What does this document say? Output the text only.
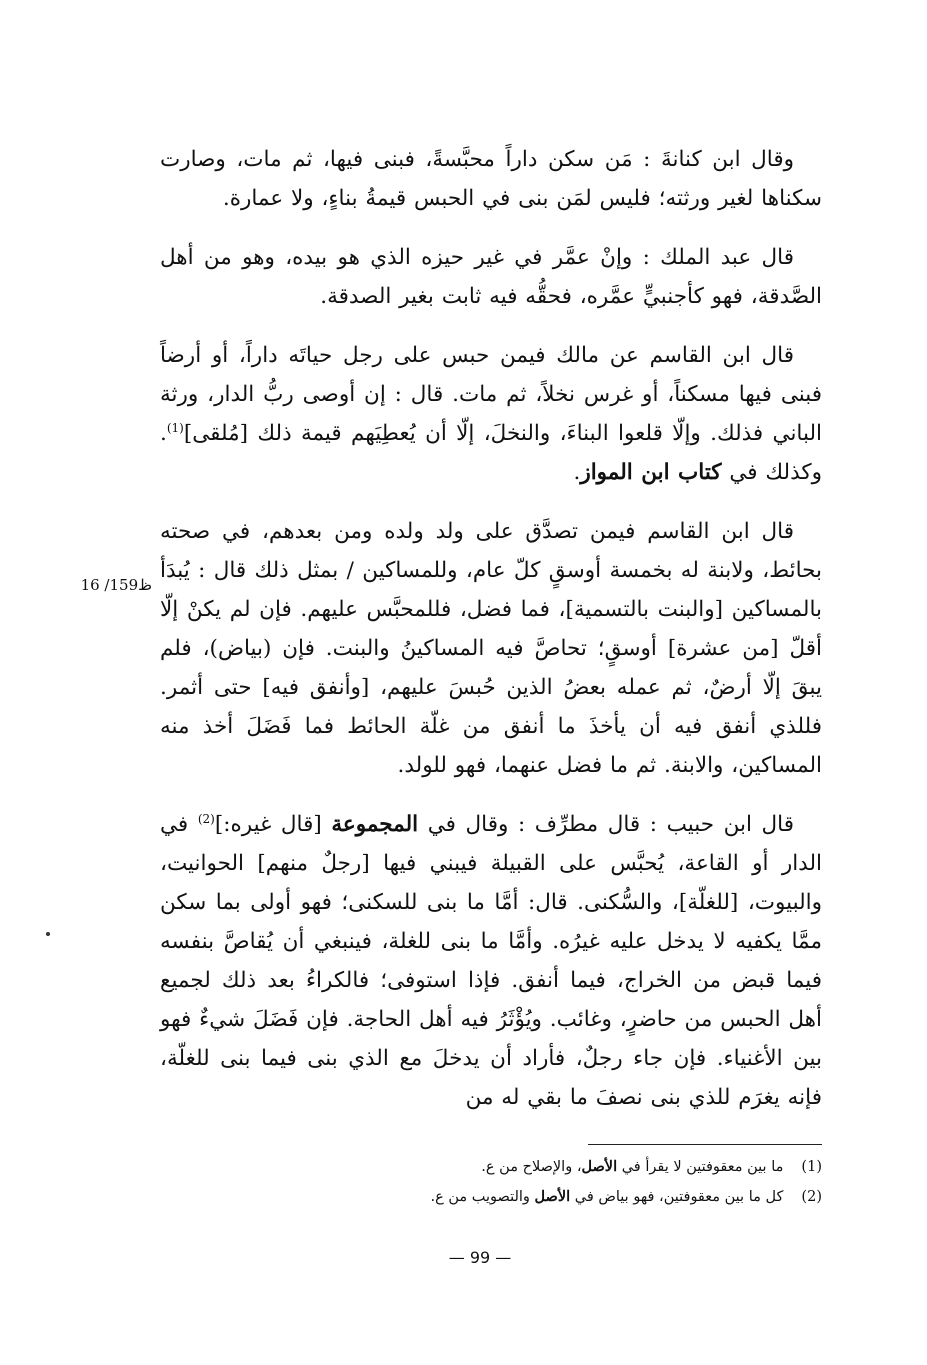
وقال ابن كنانةَ : مَن سكن داراً محبَّسةً، فبنى فيها، ثم مات، وصارت سكناها لغير ورثته؛ فليس لمَن بنى في الحبس قيمةُ بناءٍ، ولا عمارة.

قال عبد الملك : وإنْ عمَّر في غير حيزه الذي هو بيده، وهو من أهل الصَّدقة، فهو كأجنبيٍّ عمَّره، فحقُّه فيه ثابت بغير الصدقة.

قال ابن القاسم عن مالك فيمن حبس على رجل حياتَه داراً، أو أرضاً فبنى فيها مسكناً، أو غرس نخلاً، ثم مات. قال : إن أوصى ربُّ الدار، ورثة الباني فذلك. وإلّا قلعوا البناءَ، والنخلَ، إلّا أن يُعطِيَهم قيمة ذلك [مُلقى]$^{(1)}$. وكذلك في كتاب ابن المواز.

قال ابن القاسم فيمن تصدَّق على ولد ولده ومن بعدهم، في صحته بحائط، ولابنة له بخمسة أوسقٍ كلّ عام، وللمساكين / بمثل ذلك قال : يُبدَأ بالمساكين [والبنت بالتسمية]، فما فضل، فللمحبَّس عليهم. فإن لم يكنْ إلّا أقلّ [من عشرة] أوسقٍ؛ تحاصَّ فيه المساكينُ والبنت. فإن (بياض)، فلم يبقَ إلّا أرضٌ، ثم عمله بعضُ الذين حُبسَ عليهم، [وأنفق فيه] حتى أثمر. فللذي أنفق فيه أن يأخذَ ما أنفق من غلّة الحائط فما فَضَلَ أخذ منه المساكين، والابنة. ثم ما فضل عنهما، فهو للولد.

قال ابن حبيب : قال مطرِّف : وقال في المجموعة [قال غيره:]$^{(2)}$ في الدار أو القاعة، يُحبَّس على القبيلة فيبني فيها [رجلٌ منهم] الحوانيت، والبيوت، [للغلّة]، والسُّكنى. قال: أمَّا ما بنى للسكنى؛ فهو أولى بما سكن ممَّا يكفيه لا يدخل عليه غيرُه. وأمَّا ما بنى للغلة، فينبغي أن يُقاصَّ بنفسه فيما قبض من الخراج، فيما أنفق. فإذا استوفى؛ فالكراءُ بعد ذلك لجميع أهل الحبس من حاضرٍ، وغائب. ويُؤْثَرُ فيه أهل الحاجة. فإن فَضَلَ شيءٌ فهو بين الأغنياء. فإن جاء رجلٌ، فأراد أن يدخلَ مع الذي بنى فيما بنى للغلّة، فإنه يغرَم للذي بنى نصفَ ما بقي له من

16 /159ظ
(1) ما بين معقوفتين لا يقرأ في الأصل، والإصلاح من ع.
(2) كل ما بين معقوفتين، فهو بياض في الأصل والتصويب من ع.
— 99 —
